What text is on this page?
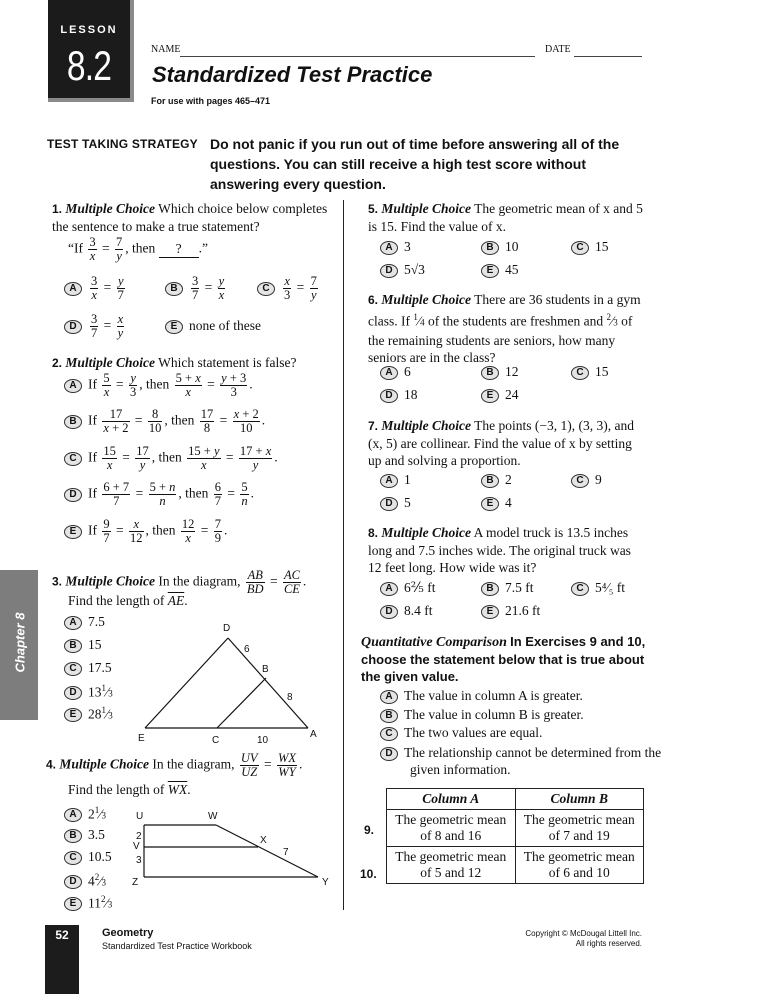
LESSON
8.2	NAME	DATE
Standardized Test Practice
For use with pages 465–471
TEST TAKING STRATEGY Do not panic if you run out of time before answering all of the questions. You can still receive a high test score without answering every question.
Chapter 8
1. Multiple Choice Which choice below completes the sentence to make a true statement?
“$If \frac{3}{x} = \frac{7}{y}$ , then ? .”
A $\frac{3}{x} = \frac{y}{7}$	B $\frac{3}{7} = \frac{y}{x}$	C $\frac{x}{3} = \frac{7}{y}$
D $\frac{3}{7} = \frac{x}{y}$	E none of these
2. Multiple Choice Which statement is false?
A If $\frac{5}{x} = \frac{y}{3}$ , then $\frac{5 + x}{x} = \frac{y + 3}{3}$ .
B If $\frac{17}{x + 2} = \frac{8}{10}$ , then $\frac{17}{8} = \frac{x + 2}{10}$ .
C If $\frac{15}{x} = \frac{17}{y}$ , then $\frac{15 + y}{x} = \frac{17 + x}{y}$ .
D If $\frac{6 + 7}{7} = \frac{5 + n}{n}$ , then $\frac{6}{7} = \frac{5}{n}$ .
E If $\frac{9}{7} = \frac{x}{12}$ , then $\frac{12}{x} = \frac{7}{9}$ .
3. Multiple Choice In the diagram, $\frac{AB}{BD} = \frac{AC}{CE}$ .
Find the length of $\overline{AE}$.
A 7.5
B 15
C 17.5
D $13^1⁄3$
E $28^1⁄3$
D
B
E	C
A
6
8
10
4. Multiple Choice In the diagram, $\frac{UV}{UZ} = \frac{WX}{WY}$ .
Find the length of $\overline{WX}$.
A $2^1⁄3$
B 3.5
C 10.5
D $4^2⁄3$
E $11^2⁄3$
U	W
V
X
Z	Y
2
3
7
5. Multiple Choice The geometric mean of x and 5 is 15. Find the value of x.
A 3	B 10	C 15
D 5√3	E 45
6. Multiple Choice There are 36 students in a gym class. If $^1$⁄4 of the students are freshmen and $^2$⁄3 of the remaining students are seniors, how many seniors are in the class?
A 6	B 12	C 15
D 18	E 24
7. Multiple Choice The points (−3, 1), (3, 3), and (x, 5) are collinear. Find the value of x by setting up and solving a proportion.
A 1	B 2	C 9
D 5	E 4
8. Multiple Choice A model truck is 13.5 inches long and 7.5 inches wide. The original truck was 12 feet long. How wide was it?
A 6⅖ ft	B 7.5 ft	C 5⁴⁄₅ ft
D 8.4 ft	E 21.6 ft
Quantitative Comparison In Exercises 9 and 10, choose the statement below that is true about the given value.
A The value in column A is greater.
B The value in column B is greater.
C The two values are equal.
D The relationship cannot be determined from the given information.
9.
10.
Column A	Column B
The geometric mean of 8 and 16	The geometric mean of 7 and 19
The geometric mean of 5 and 12	The geometric mean of 6 and 10
52	Geometry
Standardized Test Practice Workbook
Copyright © McDougal Littell Inc.
All rights reserved.
